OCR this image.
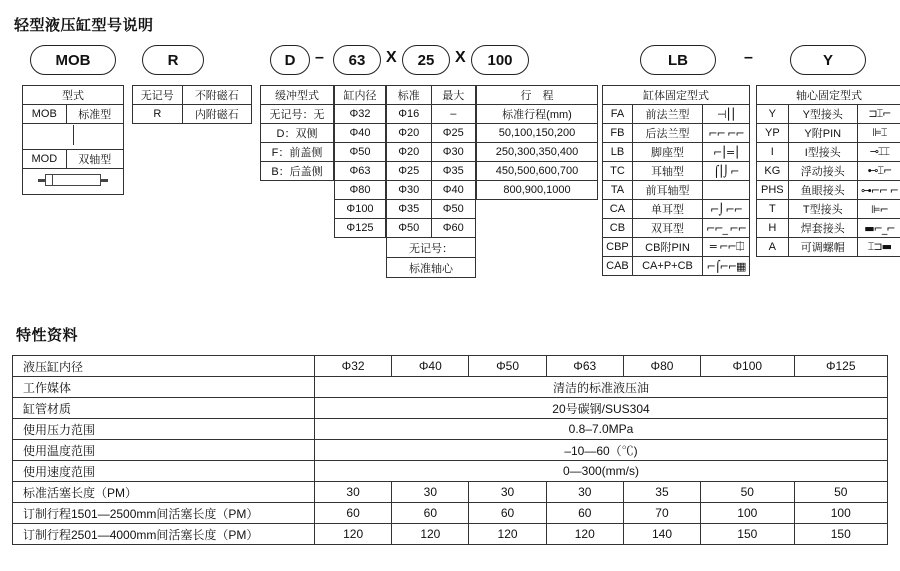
轻型液压缸型号说明
MOB	R	D	–	63	X	25	X	100	LB	–	Y
型式	
MOB	标准型

MOD	双轴型

无记号	不附磁石
R	内附磁石
缓冲型式
无记号：无
D：双侧
F：前盖侧
B：后盖侧
缸内径
Φ32
Φ40
Φ50
Φ63
Φ80
Φ100
Φ125
标准	最大
Φ16	–
Φ20	Φ25
Φ20	Φ30
Φ25	Φ35
Φ30	Φ40
Φ35	Φ50
Φ50	Φ60
无记号：	
标准轴心	
行　程
标准行程(mm)
50,100,150,200
250,300,350,400
450,500,600,700
800,900,1000
缸体固定型式		
FA	前法兰型	⊣⎮⎮
FB	后法兰型	⌐⌐ ⌐⌐
LB	脚座型	⌐⎮=⎮
TC	耳轴型	⌠⎮⌡ ⌐
TA	前耳轴型	
CA	单耳型	⌐⌡ ⌐⌐
CB	双耳型	⌐⌐_ ⌐⌐
CBP	CB附PIN	= ⌐⌐⎅
CAB	CA+P+CB	⌐⌠⌐⌐▦
轴心固定型式		
Y	Y型接头	⊐⌶⌐
YP	Y附PIN	⊫⌶
I	I型接头	⊸⌶⌶
KG	浮动接头	⊷⌶⌐
PHS	鱼眼接头	⊶⌐⌐ ⌐
T	T型接头	⊫⌐
H	焊套接头	▬⌐_⌐
A	可调螺帽	⌶⊐▬
特性资料
液压缸内径	Φ32	Φ40	Φ50	Φ63	Φ80	Φ100	Φ125
工作媒体	清洁的标准液压油						
缸管材质	20号碳钢/SUS304						
使用压力范围	0.8–7.0MPa						
使用温度范围	–10—60（℃)						
使用速度范围	0—300(mm/s)						
标准活塞长度（PM）	30	30	30	30	35	50	50
订制行程1501—2500mm间活塞长度（PM）	60	60	60	60	70	100	100
订制行程2501—4000mm间活塞长度（PM）	120	120	120	120	140	150	150
